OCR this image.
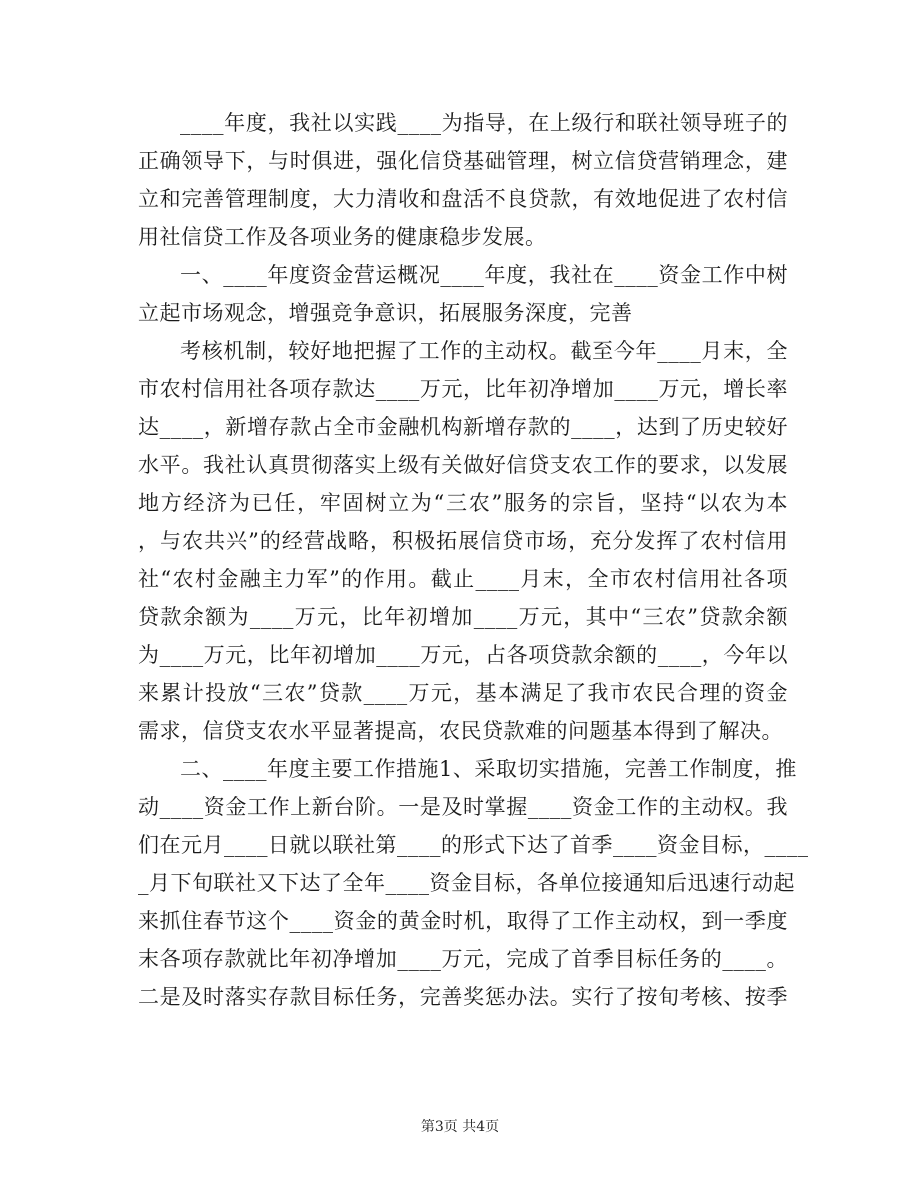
____年度，我社以实践____为指导，在上级行和联社领导班子的
正确领导下，与时俱进，强化信贷基础管理，树立信贷营销理念，建
立和完善管理制度，大力清收和盘活不良贷款，有效地促进了农村信
用社信贷工作及各项业务的健康稳步发展。
一、____年度资金营运概况____年度，我社在____资金工作中树
立起市场观念，增强竞争意识，拓展服务深度，完善
考核机制，较好地把握了工作的主动权。截至今年____月末，全
市农村信用社各项存款达____万元，比年初净增加____万元，增长率
达____，新增存款占全市金融机构新增存款的____，达到了历史较好
水平。我社认真贯彻落实上级有关做好信贷支农工作的要求，以发展
地方经济为已任，牢固树立为“三农”服务的宗旨，坚持“以农为本
，与农共兴”的经营战略，积极拓展信贷市场，充分发挥了农村信用
社“农村金融主力军”的作用。截止____月末，全市农村信用社各项
贷款余额为____万元，比年初增加____万元，其中“三农”贷款余额
为____万元，比年初增加____万元，占各项贷款余额的____，今年以
来累计投放“三农”贷款____万元，基本满足了我市农民合理的资金
需求，信贷支农水平显著提高，农民贷款难的问题基本得到了解决。
二、____年度主要工作措施1、采取切实措施，完善工作制度，推
动____资金工作上新台阶。一是及时掌握____资金工作的主动权。我
们在元月____日就以联社第____的形式下达了首季____资金目标，____
_月下旬联社又下达了全年____资金目标，各单位接通知后迅速行动起
来抓住春节这个____资金的黄金时机，取得了工作主动权，到一季度
末各项存款就比年初净增加____万元，完成了首季目标任务的____。
二是及时落实存款目标任务，完善奖惩办法。实行了按旬考核、按季
第3页 共4页
